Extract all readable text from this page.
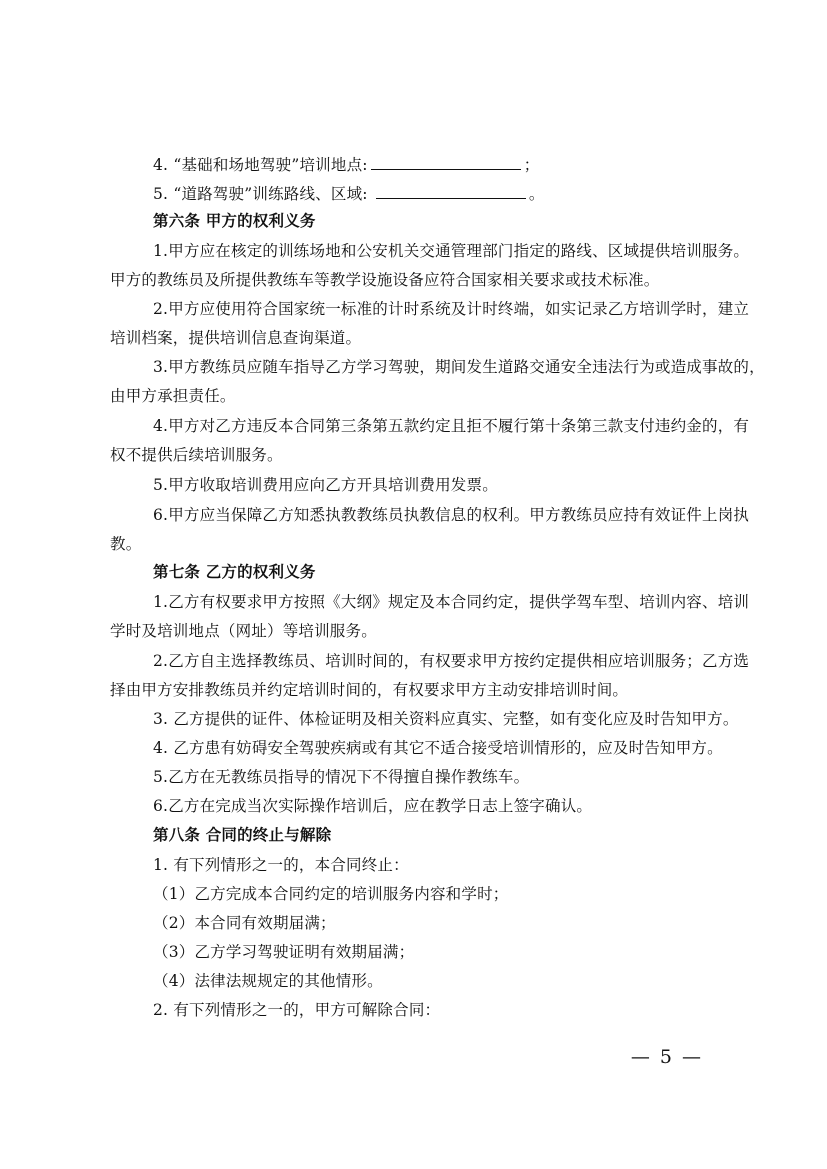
4. “基础和场地驾驶”培训地点:	；
5. “道路驾驶”训练路线、区域:	。
第六条 甲方的权利义务
1.甲方应在核定的训练场地和公安机关交通管理部门指定的路线、区域提供培训服务。
甲方的教练员及所提供教练车等教学设施设备应符合国家相关要求或技术标准。
2.甲方应使用符合国家统一标准的计时系统及计时终端，如实记录乙方培训学时，建立
培训档案，提供培训信息查询渠道。
3.甲方教练员应随车指导乙方学习驾驶，期间发生道路交通安全违法行为或造成事故的，
由甲方承担责任。
4.甲方对乙方违反本合同第三条第五款约定且拒不履行第十条第三款支付违约金的，有
权不提供后续培训服务。
5.甲方收取培训费用应向乙方开具培训费用发票。
6.甲方应当保障乙方知悉执教教练员执教信息的权利。甲方教练员应持有效证件上岗执
教。
第七条 乙方的权利义务
1.乙方有权要求甲方按照《大纲》规定及本合同约定，提供学驾车型、培训内容、培训
学时及培训地点（网址）等培训服务。
2.乙方自主选择教练员、培训时间的，有权要求甲方按约定提供相应培训服务；乙方选
择由甲方安排教练员并约定培训时间的，有权要求甲方主动安排培训时间。
3. 乙方提供的证件、体检证明及相关资料应真实、完整，如有变化应及时告知甲方。
4. 乙方患有妨碍安全驾驶疾病或有其它不适合接受培训情形的，应及时告知甲方。
5.乙方在无教练员指导的情况下不得擅自操作教练车。
6.乙方在完成当次实际操作培训后，应在教学日志上签字确认。
第八条 合同的终止与解除
1. 有下列情形之一的，本合同终止：
（1）乙方完成本合同约定的培训服务内容和学时；
（2）本合同有效期届满；
（3）乙方学习驾驶证明有效期届满；
（4）法律法规规定的其他情形。
2. 有下列情形之一的，甲方可解除合同：
— 5 —
